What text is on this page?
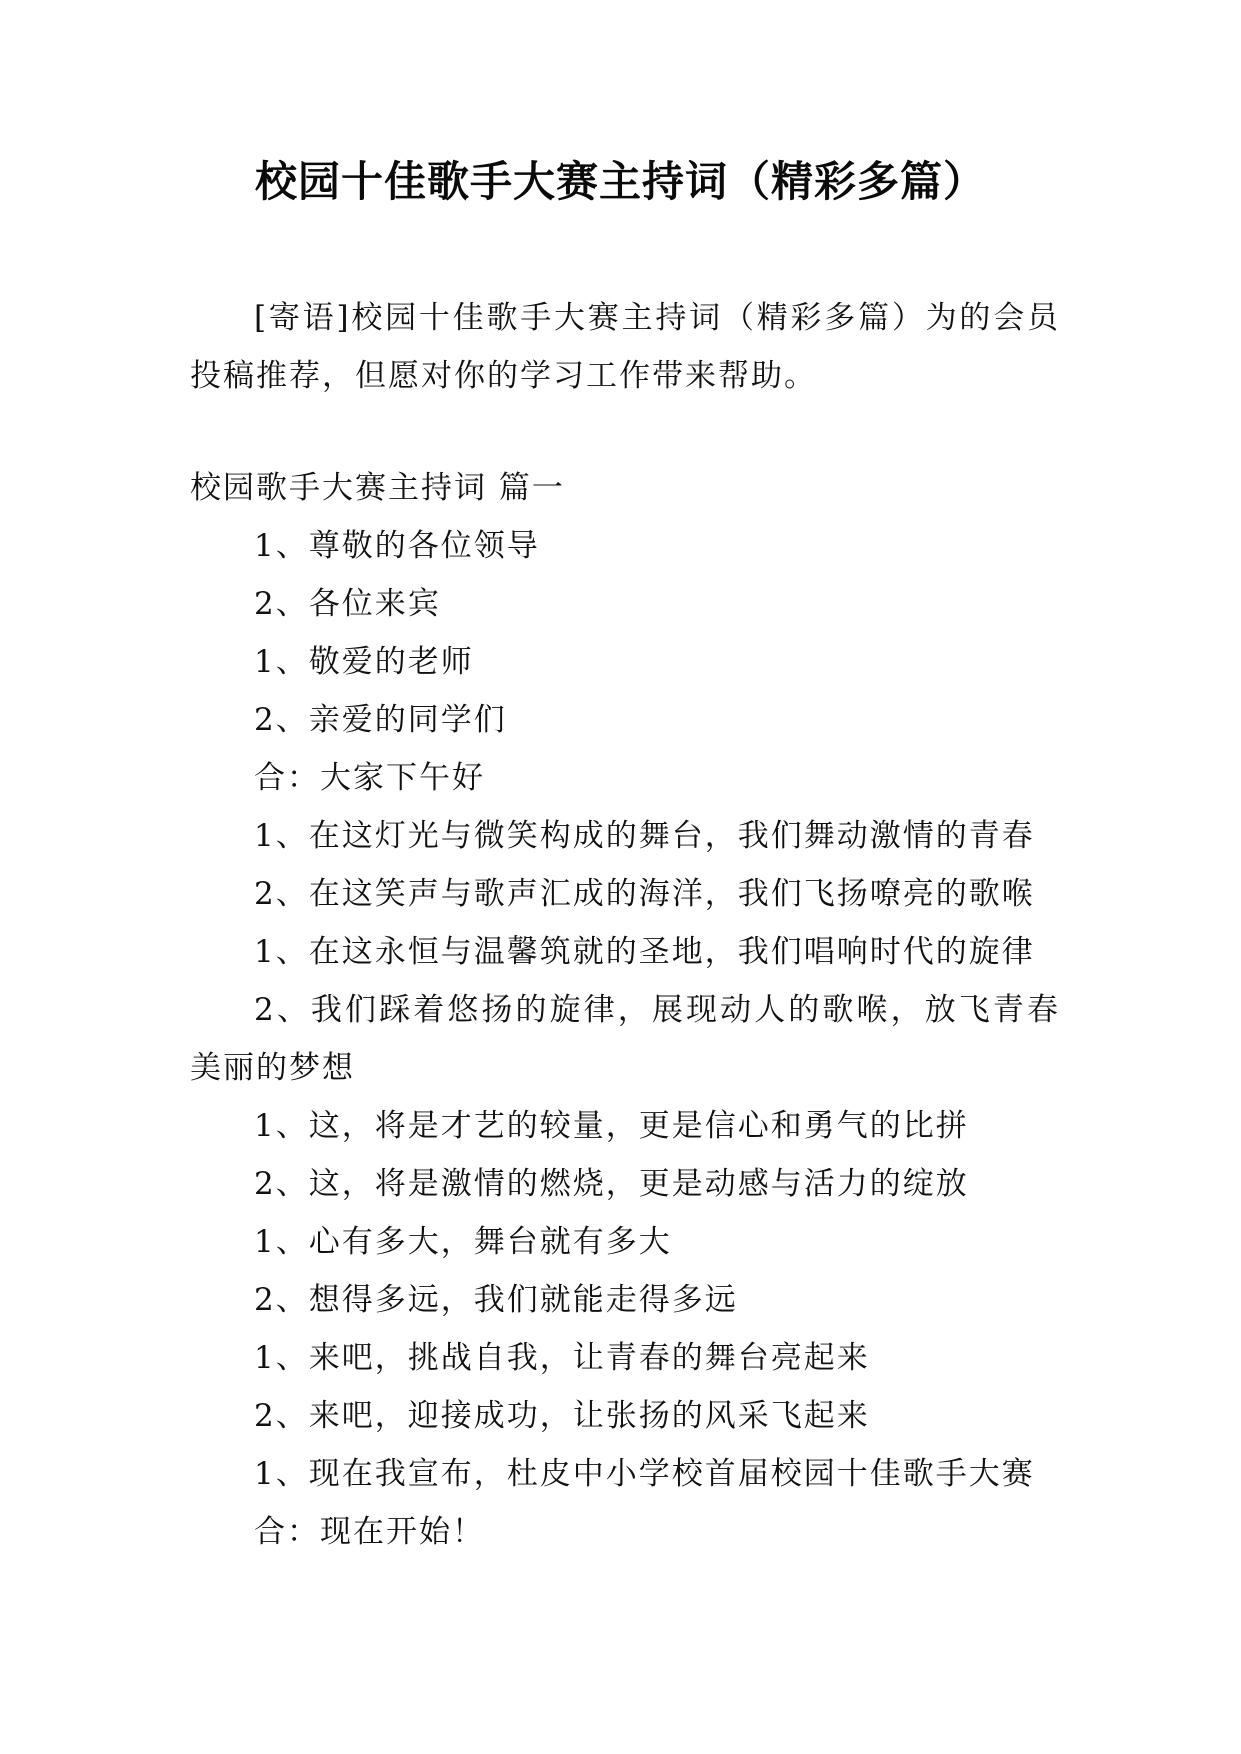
校园十佳歌手大赛主持词（精彩多篇）
[寄语]校园十佳歌手大赛主持词（精彩多篇）为的会员投稿推荐，但愿对你的学习工作带来帮助。
校园歌手大赛主持词 篇一
1、尊敬的各位领导
2、各位来宾
1、敬爱的老师
2、亲爱的同学们
合：大家下午好
1、在这灯光与微笑构成的舞台，我们舞动激情的青春
2、在这笑声与歌声汇成的海洋，我们飞扬嘹亮的歌喉
1、在这永恒与温馨筑就的圣地，我们唱响时代的旋律
2、我们踩着悠扬的旋律，展现动人的歌喉，放飞青春美丽的梦想
1、这，将是才艺的较量，更是信心和勇气的比拼
2、这，将是激情的燃烧，更是动感与活力的绽放
1、心有多大，舞台就有多大
2、想得多远，我们就能走得多远
1、来吧，挑战自我，让青春的舞台亮起来
2、来吧，迎接成功，让张扬的风采飞起来
1、现在我宣布，杜皮中小学校首届校园十佳歌手大赛
合：现在开始！
